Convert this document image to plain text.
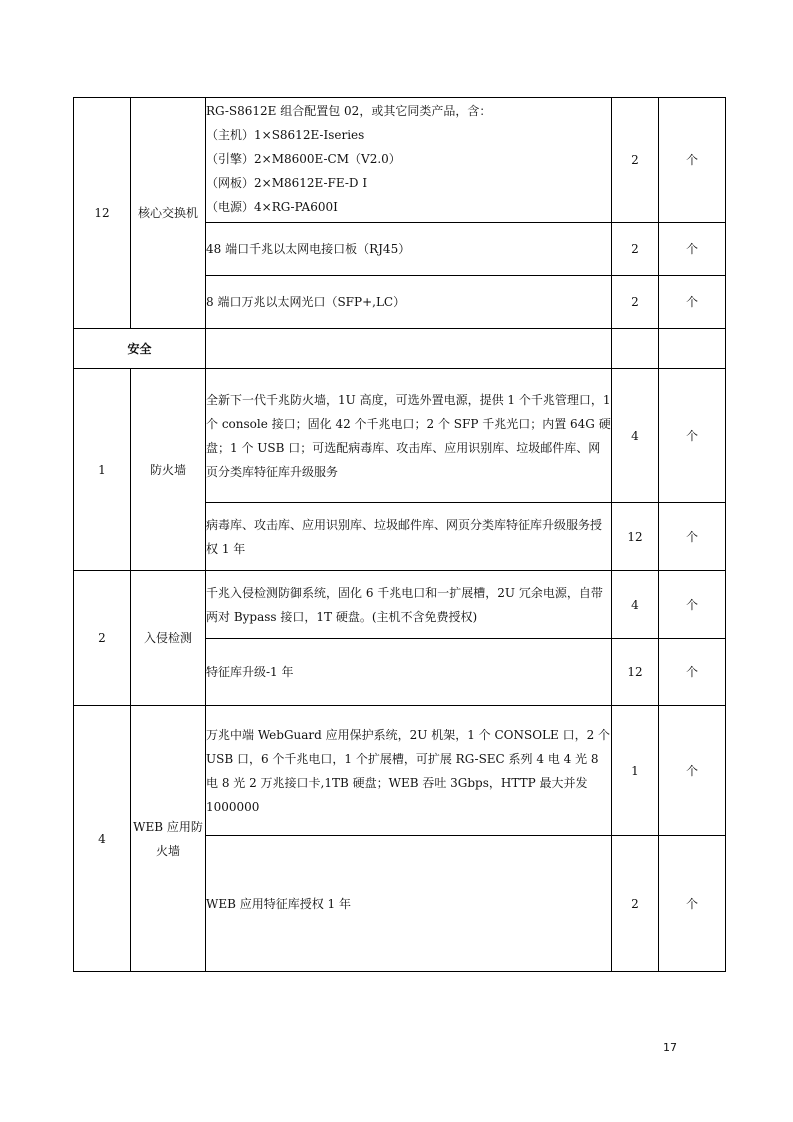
12	核心交换机	RG-S8612E 组合配置包 02，或其它同类产品，含：
（主机）1×S8612E-Iseries
（引擎）2×M8600E-CM（V2.0）
（网板）2×M8612E-FE-D I
（电源）4×RG-PA600I	2	个
		48 端口千兆以太网电接口板（RJ45）	2	个
		8 端口万兆以太网光口（SFP+,LC）	2	个
安全				
1	防火墙	全新下一代千兆防火墙，1U 高度，可选外置电源，提供 1 个千兆管理口，1 个 console 接口；固化 42 个千兆电口；2 个 SFP 千兆光口；内置 64G 硬盘；1 个 USB 口；可选配病毒库、攻击库、应用识别库、垃圾邮件库、网页分类库特征库升级服务	4	个

		病毒库、攻击库、应用识别库、垃圾邮件库、网页分类库特征库升级服务授权 1 年	12	个
2	入侵检测	千兆入侵检测防御系统，固化 6 千兆电口和一扩展槽，2U 冗余电源，自带两对 Bypass 接口，1T 硬盘。(主机不含免费授权)	4	个

		特征库升级-1 年	12	个
4	WEB 应用防火墙	万兆中端 WebGuard 应用保护系统，2U 机架，1 个 CONSOLE 口，2 个 USB 口，6 个千兆电口，1 个扩展槽，可扩展 RG-SEC 系列 4 电 4 光 8 电 8 光 2 万兆接口卡,1TB 硬盘；WEB 吞吐 3Gbps，HTTP 最大并发 1000000	1	个

		WEB 应用特征库授权 1 年	2	个
17
